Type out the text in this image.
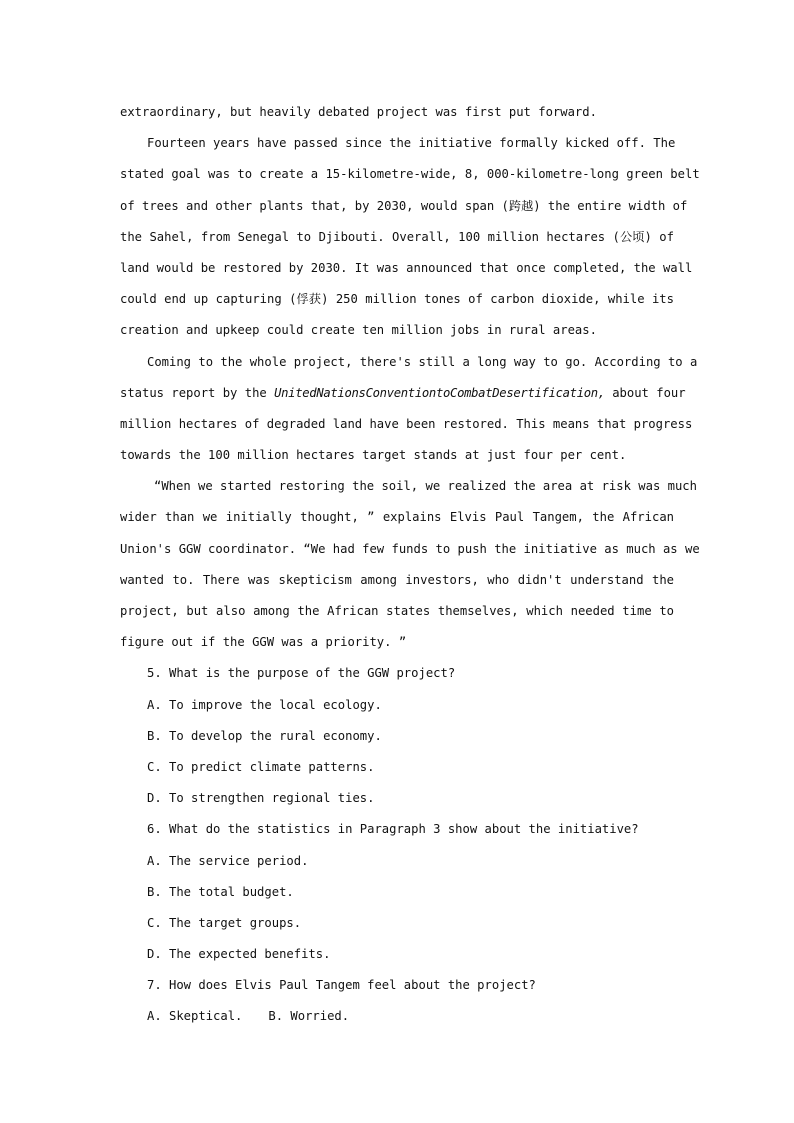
extraordinary, but heavily debated project was first put forward.
Fourteen years have passed since the initiative formally kicked off. The
stated goal was to create a 15-kilometre-wide, 8, 000-kilometre-long green belt
of trees and other plants that, by 2030, would span (跨越) the entire width of
the Sahel, from Senegal to Djibouti. Overall, 100 million hectares (公顷) of
land would be restored by 2030. It was announced that once completed, the wall
could end up capturing (俘获) 250 million tones of carbon dioxide, while its
creation and upkeep could create ten million jobs in rural areas.
Coming to the whole project, there's still a long way to go. According to a
status report by the UnitedNationsConventiontoCombatDesertification, about four
million hectares of degraded land have been restored. This means that progress
towards the 100 million hectares target stands at just four per cent.
“When we started restoring the soil, we realized the area at risk was much
wider than we initially thought, ” explains Elvis Paul Tangem, the African
Union's GGW coordinator. “We had few funds to push the initiative as much as we
wanted to. There was skepticism among investors, who didn't understand the
project, but also among the African states themselves, which needed time to
figure out if the GGW was a priority. ”
5. What is the purpose of the GGW project?
A. To improve the local ecology.
B. To develop the rural economy.
C. To predict climate patterns.
D. To strengthen regional ties.
6. What do the statistics in Paragraph 3 show about the initiative?
A. The service period.
B. The total budget.
C. The target groups.
D. The expected benefits.
7. How does Elvis Paul Tangem feel about the project?
A. Skeptical. B. Worried.
